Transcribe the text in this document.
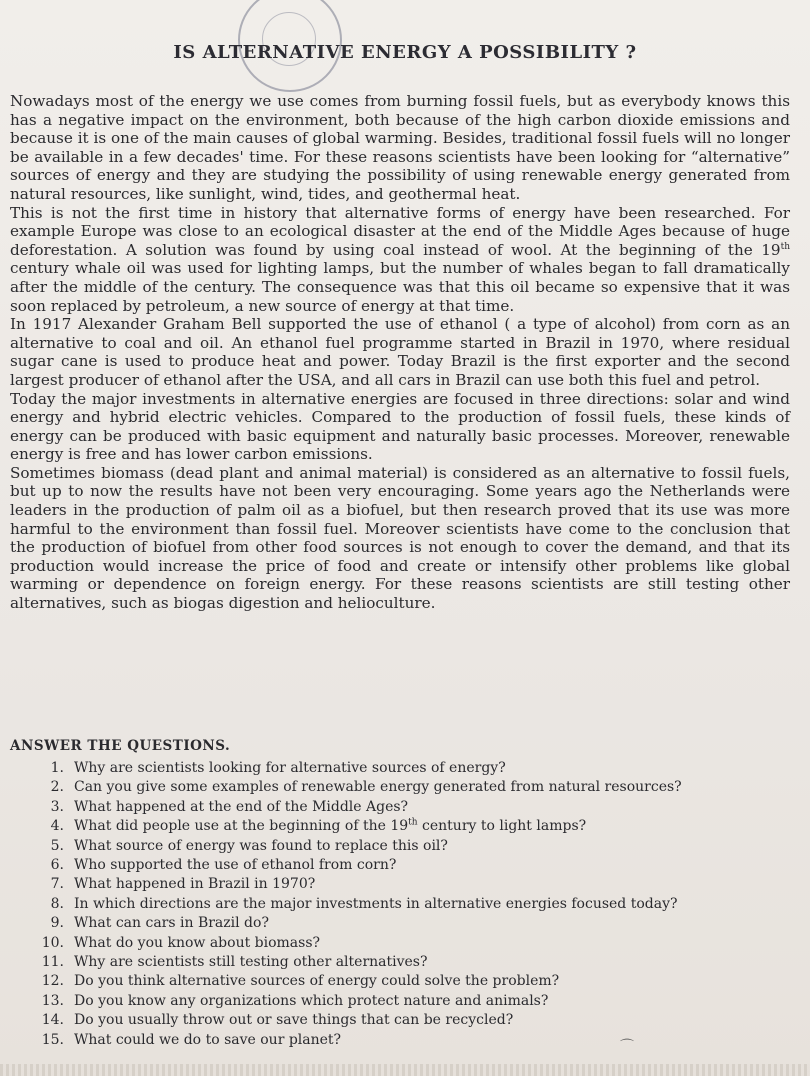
IS ALTERNATIVE ENERGY A POSSIBILITY ?

Nowadays most of the energy we use comes from burning fossil fuels, but as everybody knows this has a negative impact on the environment, both because of the high carbon dioxide emissions and because it is one of the main causes of global warming. Besides, traditional fossil fuels will no longer be available in a few decades' time. For these reasons scientists have been looking for “alternative” sources of energy and they are studying the possibility of using renewable energy generated from natural resources, like sunlight, wind, tides, and geothermal heat.

This is not the first time in history that alternative forms of energy have been researched. For example Europe was close to an ecological disaster at the end of the Middle Ages because of huge deforestation. A solution was found by using coal instead of wool. At the beginning of the 19th century whale oil was used for lighting lamps, but the number of whales began to fall dramatically after the middle of the century. The consequence was that this oil became so expensive that it was soon replaced by petroleum, a new source of energy at that time.

In 1917 Alexander Graham Bell supported the use of ethanol ( a type of alcohol) from corn as an alternative to coal and oil. An ethanol fuel programme started in Brazil in 1970, where residual sugar cane is used to produce heat and power. Today Brazil is the first exporter and the second largest producer of ethanol after the USA, and all cars in Brazil can use both this fuel and petrol.

Today the major investments in alternative energies are focused in three directions: solar and wind energy and hybrid electric vehicles. Compared to the production of fossil fuels, these kinds of energy can be produced with basic equipment and naturally basic processes. Moreover, renewable energy is free and has lower carbon emissions.

Sometimes biomass (dead plant and animal material) is considered as an alternative to fossil fuels, but up to now the results have not been very encouraging. Some years ago the Netherlands were leaders in the production of palm oil as a biofuel, but then research proved that its use was more harmful to the environment than fossil fuel. Moreover scientists have come to the conclusion that the production of biofuel from other food sources is not enough to cover the demand, and that its production would increase the price of food and create or intensify other problems like global warming or dependence on foreign energy. For these reasons scientists are still testing other alternatives, such as biogas digestion and helioculture.

ANSWER THE QUESTIONS.
1. Why are scientists looking for alternative sources of energy?
2. Can you give some examples of renewable energy generated from natural resources?
3. What happened at the end of the Middle Ages?
4. What did people use at the beginning of the 19th century to light lamps?
5. What source of energy was found to replace this oil?
6. Who supported the use of ethanol from corn?
7. What happened in Brazil in 1970?
8. In which directions are the major investments in alternative energies focused today?
9. What can cars in Brazil do?
10. What do you know about biomass?
11. Why are scientists still testing other alternatives?
12. Do you think alternative sources of energy could solve the problem?
13. Do you know any organizations which protect nature and animals?
14. Do you usually throw out or save things that can be recycled?
15. What could we do to save our planet?	⌒
